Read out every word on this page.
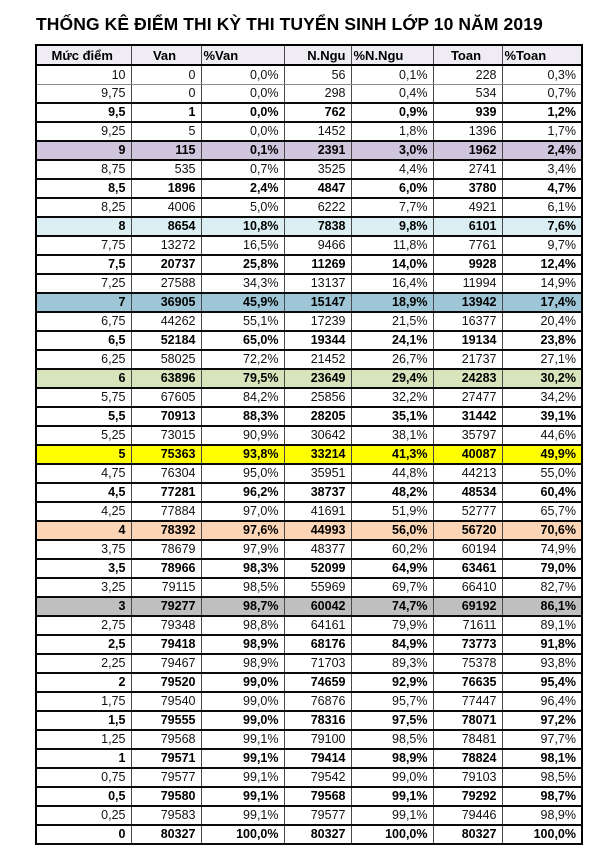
THỐNG KÊ ĐIỂM THI KỲ THI TUYỂN SINH LỚP 10 NĂM 2019
Mức điểm	Van	%Van	N.Ngu	%N.Ngu	Toan	%Toan
10	0	0,0%	56	0,1%	228	0,3%
9,75	0	0,0%	298	0,4%	534	0,7%
9,5	1	0,0%	762	0,9%	939	1,2%
9,25	5	0,0%	1452	1,8%	1396	1,7%
9	115	0,1%	2391	3,0%	1962	2,4%
8,75	535	0,7%	3525	4,4%	2741	3,4%
8,5	1896	2,4%	4847	6,0%	3780	4,7%
8,25	4006	5,0%	6222	7,7%	4921	6,1%
8	8654	10,8%	7838	9,8%	6101	7,6%
7,75	13272	16,5%	9466	11,8%	7761	9,7%
7,5	20737	25,8%	11269	14,0%	9928	12,4%
7,25	27588	34,3%	13137	16,4%	11994	14,9%
7	36905	45,9%	15147	18,9%	13942	17,4%
6,75	44262	55,1%	17239	21,5%	16377	20,4%
6,5	52184	65,0%	19344	24,1%	19134	23,8%
6,25	58025	72,2%	21452	26,7%	21737	27,1%
6	63896	79,5%	23649	29,4%	24283	30,2%
5,75	67605	84,2%	25856	32,2%	27477	34,2%
5,5	70913	88,3%	28205	35,1%	31442	39,1%
5,25	73015	90,9%	30642	38,1%	35797	44,6%
5	75363	93,8%	33214	41,3%	40087	49,9%
4,75	76304	95,0%	35951	44,8%	44213	55,0%
4,5	77281	96,2%	38737	48,2%	48534	60,4%
4,25	77884	97,0%	41691	51,9%	52777	65,7%
4	78392	97,6%	44993	56,0%	56720	70,6%
3,75	78679	97,9%	48377	60,2%	60194	74,9%
3,5	78966	98,3%	52099	64,9%	63461	79,0%
3,25	79115	98,5%	55969	69,7%	66410	82,7%
3	79277	98,7%	60042	74,7%	69192	86,1%
2,75	79348	98,8%	64161	79,9%	71611	89,1%
2,5	79418	98,9%	68176	84,9%	73773	91,8%
2,25	79467	98,9%	71703	89,3%	75378	93,8%
2	79520	99,0%	74659	92,9%	76635	95,4%
1,75	79540	99,0%	76876	95,7%	77447	96,4%
1,5	79555	99,0%	78316	97,5%	78071	97,2%
1,25	79568	99,1%	79100	98,5%	78481	97,7%
1	79571	99,1%	79414	98,9%	78824	98,1%
0,75	79577	99,1%	79542	99,0%	79103	98,5%
0,5	79580	99,1%	79568	99,1%	79292	98,7%
0,25	79583	99,1%	79577	99,1%	79446	98,9%
0	80327	100,0%	80327	100,0%	80327	100,0%
